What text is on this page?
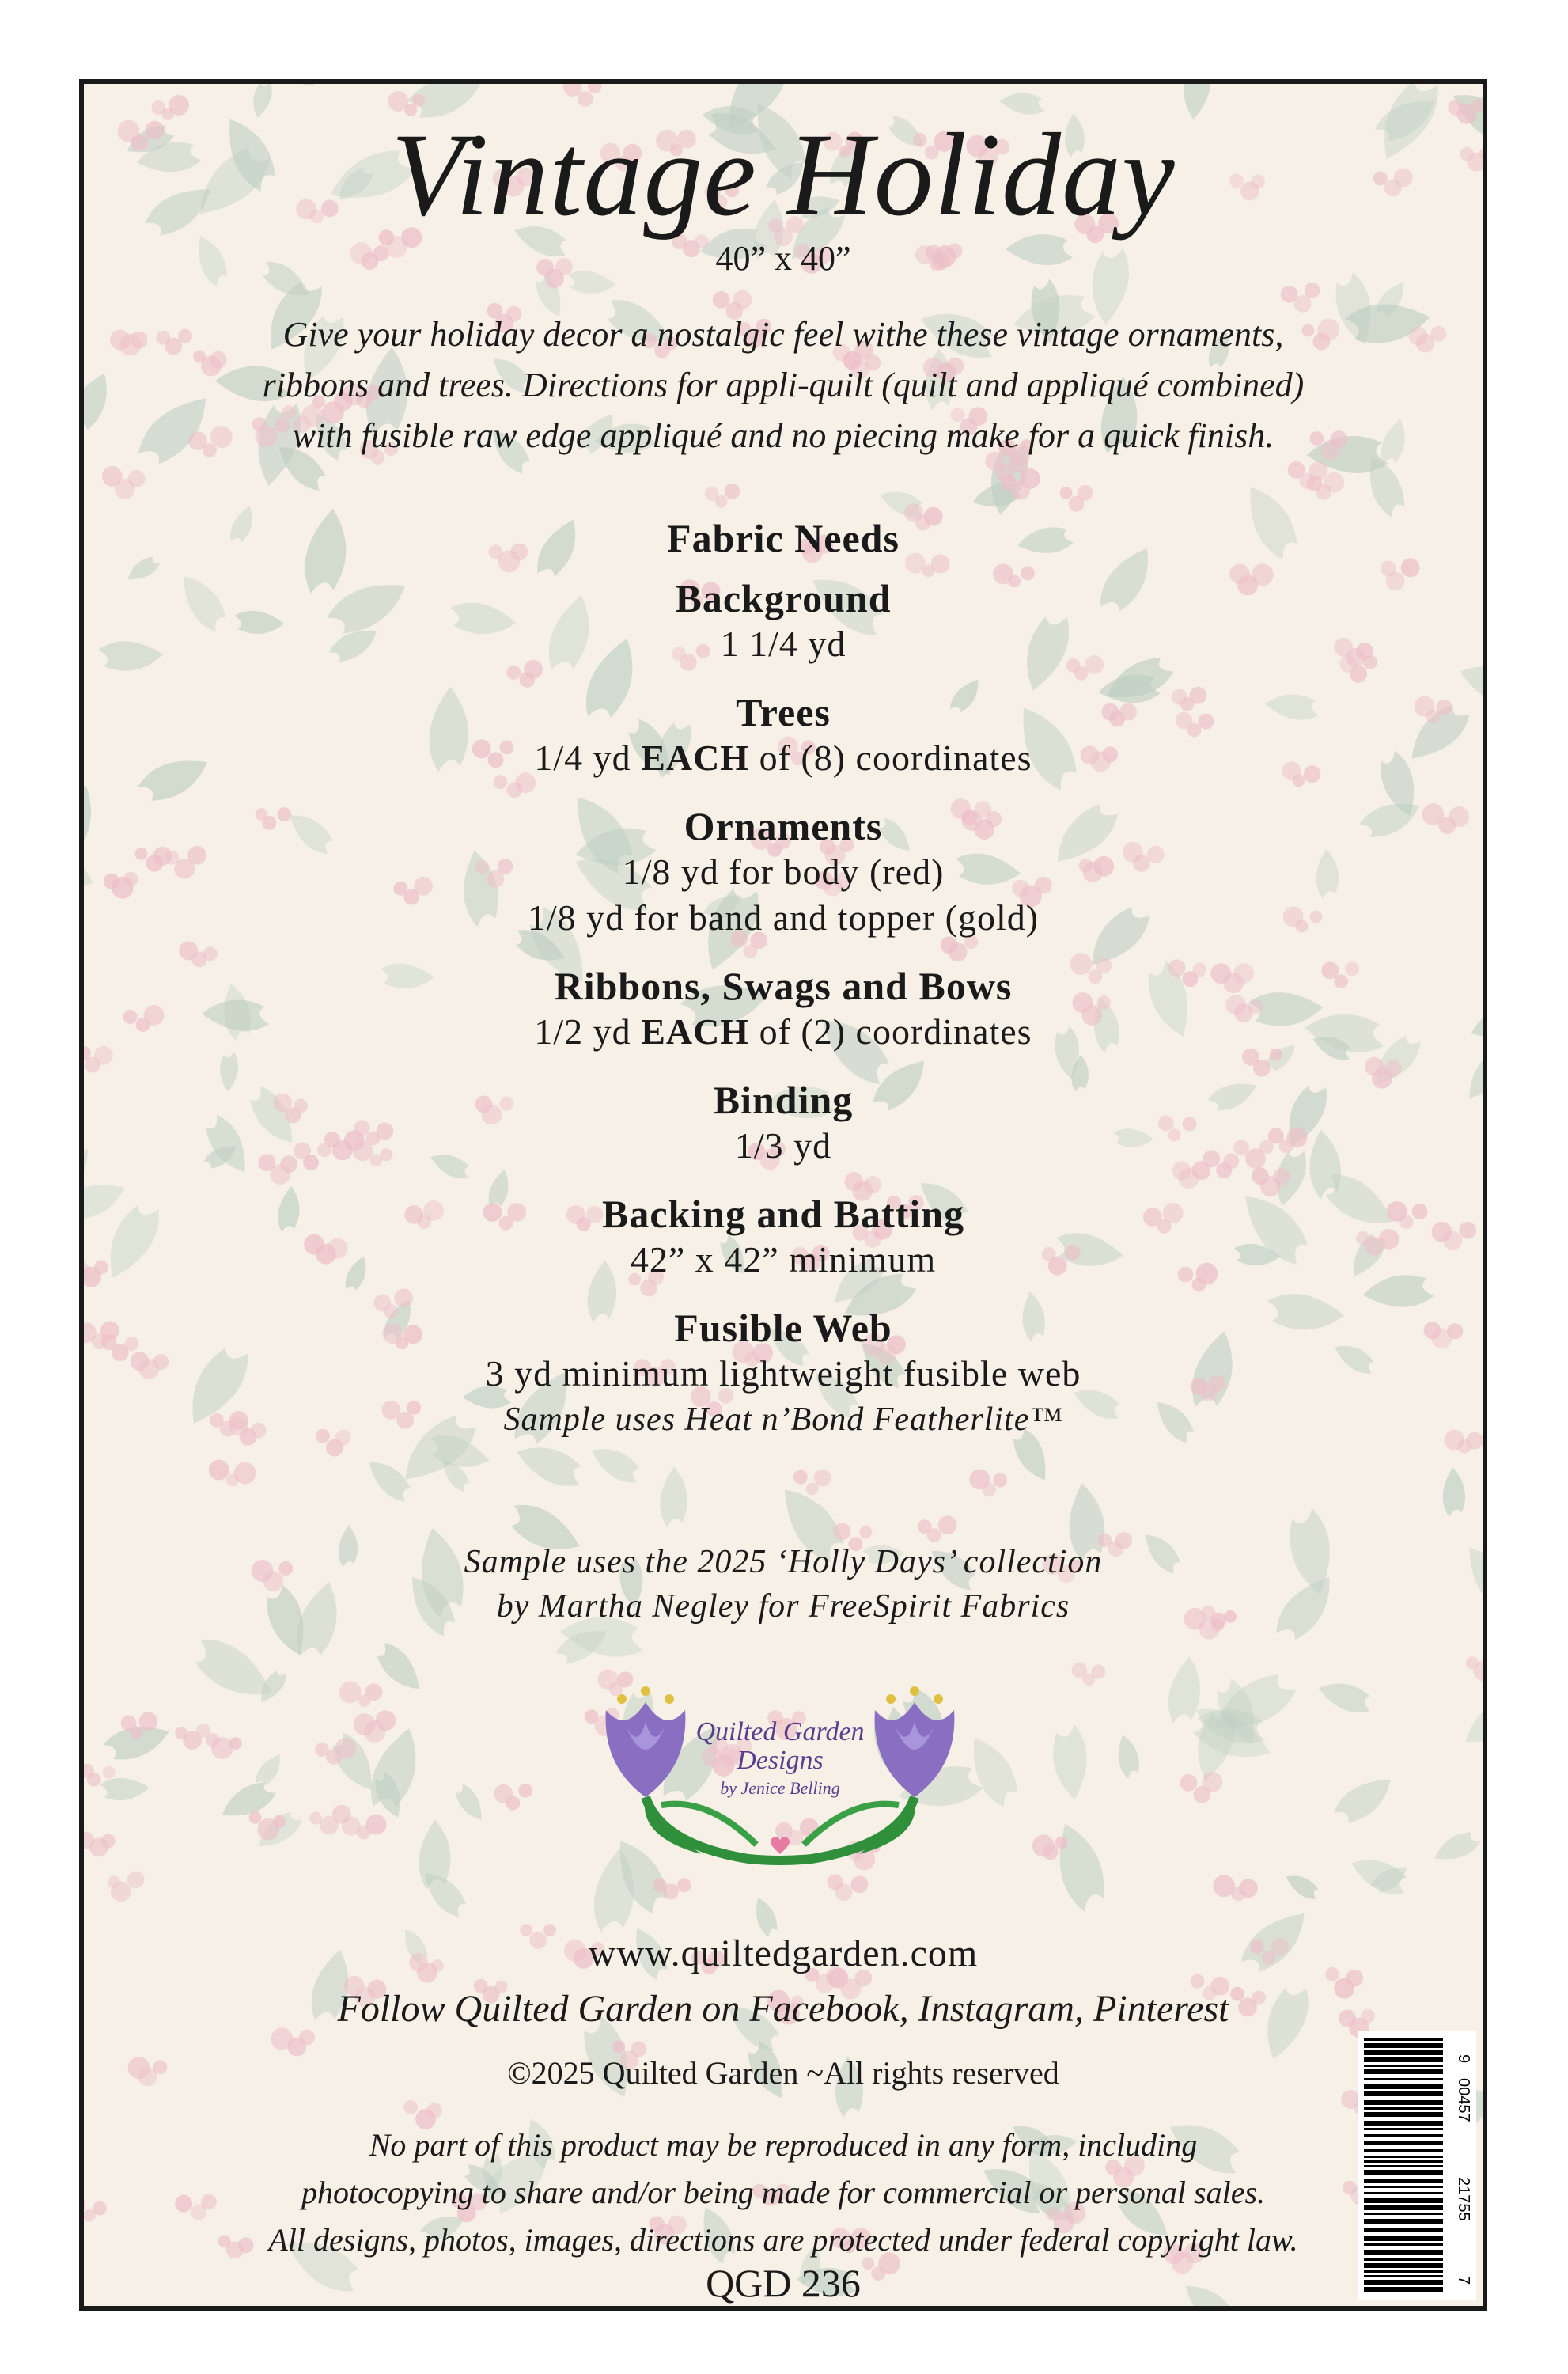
Vintage Holiday
40” x 40”
Give your holiday decor a nostalgic feel withe these vintage ornaments,
ribbons and trees. Directions for appli-quilt (quilt and appliqué combined)
with fusible raw edge appliqué and no piecing make for a quick finish.
Fabric Needs
Background
1 1/4 yd
Trees
1/4 yd EACH of (8) coordinates
Ornaments
1/8 yd for body (red)
1/8 yd for band and topper (gold)
Ribbons, Swags and Bows
1/2 yd EACH of (2) coordinates
Binding
1/3 yd
Backing and Batting
42” x 42” minimum
Fusible Web
3 yd minimum lightweight fusible web
Sample uses Heat n’Bond Featherlite™
Sample uses the 2025 ‘Holly Days’ collection
by Martha Negley for FreeSpirit Fabrics
Quilted Garden
Designs
by Jenice Belling
www.quiltedgarden.com
Follow Quilted Garden on Facebook, Instagram, Pinterest
©2025 Quilted Garden ~All rights reserved
No part of this product may be reproduced in any form, including
photocopying to share and/or being made for commercial or personal sales.
All designs, photos, images, directions are protected under federal copyright law.
QGD 236
9
00457
21755
7
